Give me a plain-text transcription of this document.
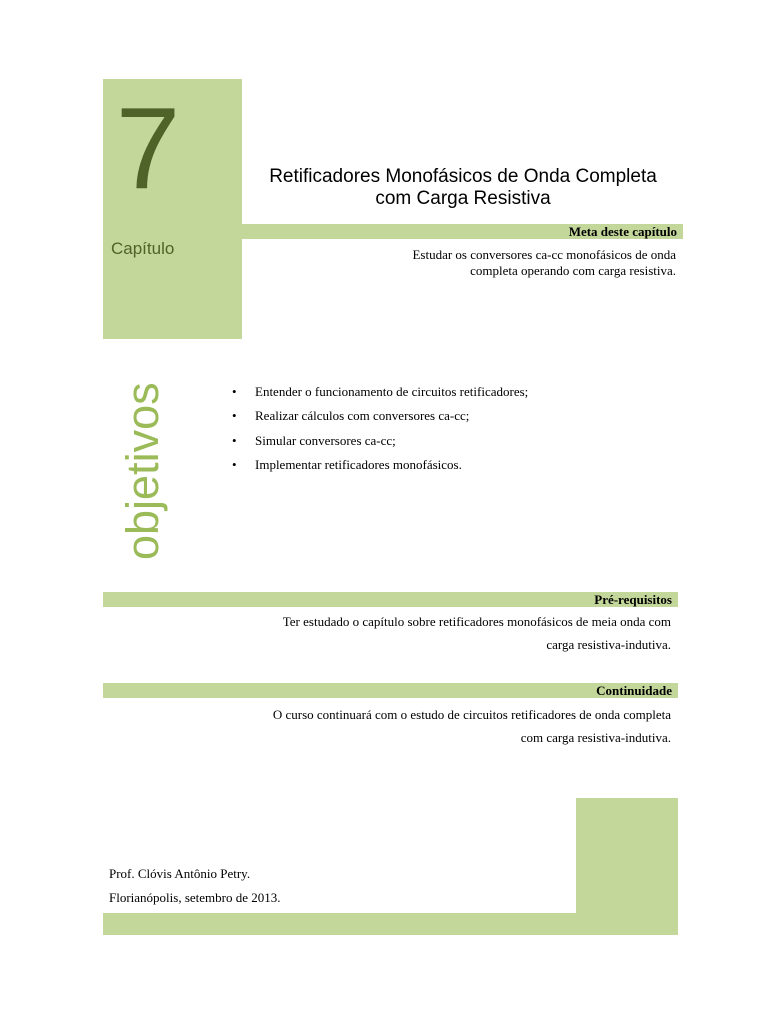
7
Capítulo
Retificadores Monofásicos de Onda Completa
com Carga Resistiva
Meta deste capítulo
Estudar os conversores ca-cc monofásicos de onda
completa operando com carga resistiva.
objetivos	• Entender o funcionamento de circuitos retificadores;
• Realizar cálculos com conversores ca-cc;
• Simular conversores ca-cc;
• Implementar retificadores monofásicos.
Pré-requisitos
Ter estudado o capítulo sobre retificadores monofásicos de meia onda com
carga resistiva-indutiva.
Continuidade
O curso continuará com o estudo de circuitos retificadores de onda completa
com carga resistiva-indutiva.
Prof. Clóvis Antônio Petry.
Florianópolis, setembro de 2013.
